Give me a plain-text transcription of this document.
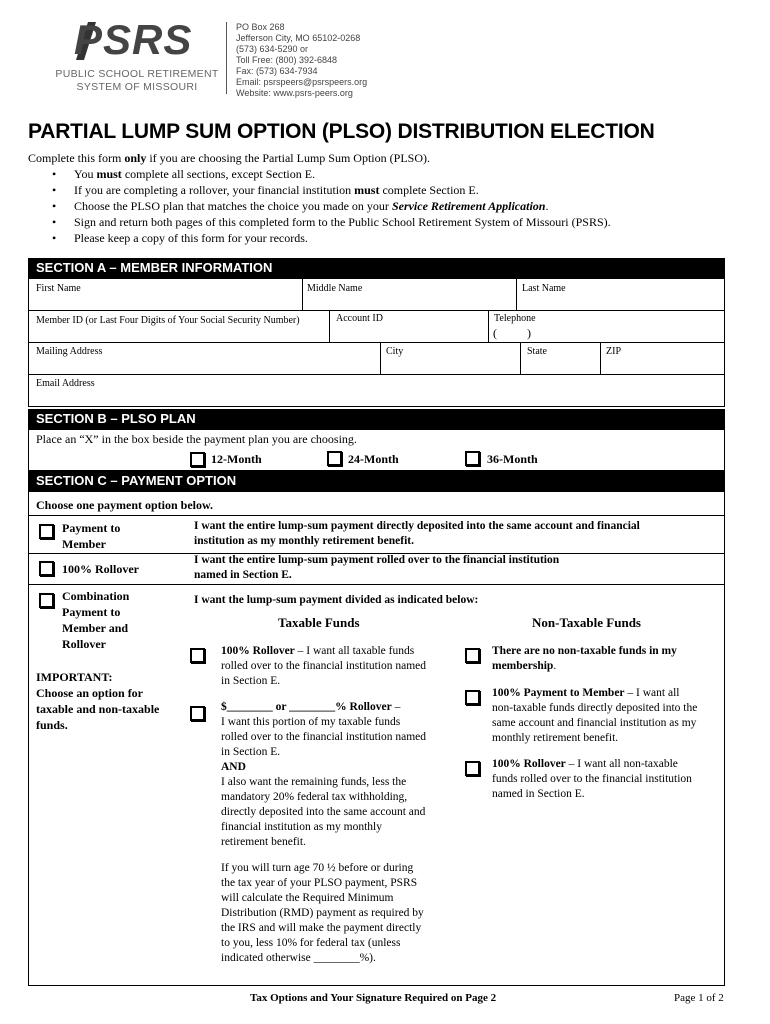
PSRS
PUBLIC SCHOOL RETIREMENT
SYSTEM OF MISSOURI
PO Box 268
Jefferson City, MO 65102-0268
(573) 634-5290 or
Toll Free: (800) 392-6848
Fax: (573) 634-7934
Email: psrspeers@psrspeers.org
Website: www.psrs-peers.org
PARTIAL LUMP SUM OPTION (PLSO) DISTRIBUTION ELECTION
Complete this form only if you are choosing the Partial Lump Sum Option (PLSO).
• You must complete all sections, except Section E.
• If you are completing a rollover, your financial institution must complete Section E.
• Choose the PLSO plan that matches the choice you made on your Service Retirement Application.
• Sign and return both pages of this completed form to the Public School Retirement System of Missouri (PSRS).
• Please keep a copy of this form for your records.
SECTION A – MEMBER INFORMATION
First Name	Middle Name	Last Name
Member ID (or Last Four Digits of Your Social Security Number)	Account ID	Telephone
(          )
Mailing Address	City	State	ZIP
Email Address
SECTION B – PLSO PLAN
Place an “X” in the box beside the payment plan you are choosing.
12-Month	24-Month	36-Month
SECTION C – PAYMENT OPTION
Choose one payment option below.
Payment to
Member
I want the entire lump-sum payment directly deposited into the same account and financial
institution as my monthly retirement benefit.
100% Rollover
I want the entire lump-sum payment rolled over to the financial institution
named in Section E.
Combination
Payment to
Member and
Rollover
I want the lump-sum payment divided as indicated below:
IMPORTANT:
Choose an option for
taxable and non-taxable
funds.
Taxable Funds	Non-Taxable Funds
100% Rollover – I want all taxable funds
rolled over to the financial institution named
in Section E.
$________ or ________% Rollover –
I want this portion of my taxable funds
rolled over to the financial institution named
in Section E.
AND
I also want the remaining funds, less the
mandatory 20% federal tax withholding,
directly deposited into the same account and
financial institution as my monthly
retirement benefit.
If you will turn age 70 ½ before or during
the tax year of your PLSO payment, PSRS
will calculate the Required Minimum
Distribution (RMD) payment as required by
the IRS and will make the payment directly
to you, less 10% for federal tax (unless
indicated otherwise ________%).
There are no non-taxable funds in my
membership.
100% Payment to Member – I want all
non-taxable funds directly deposited into the
same account and financial institution as my
monthly retirement benefit.
100% Rollover – I want all non-taxable
funds rolled over to the financial institution
named in Section E.
Tax Options and Your Signature Required on Page 2	Page 1 of 2
